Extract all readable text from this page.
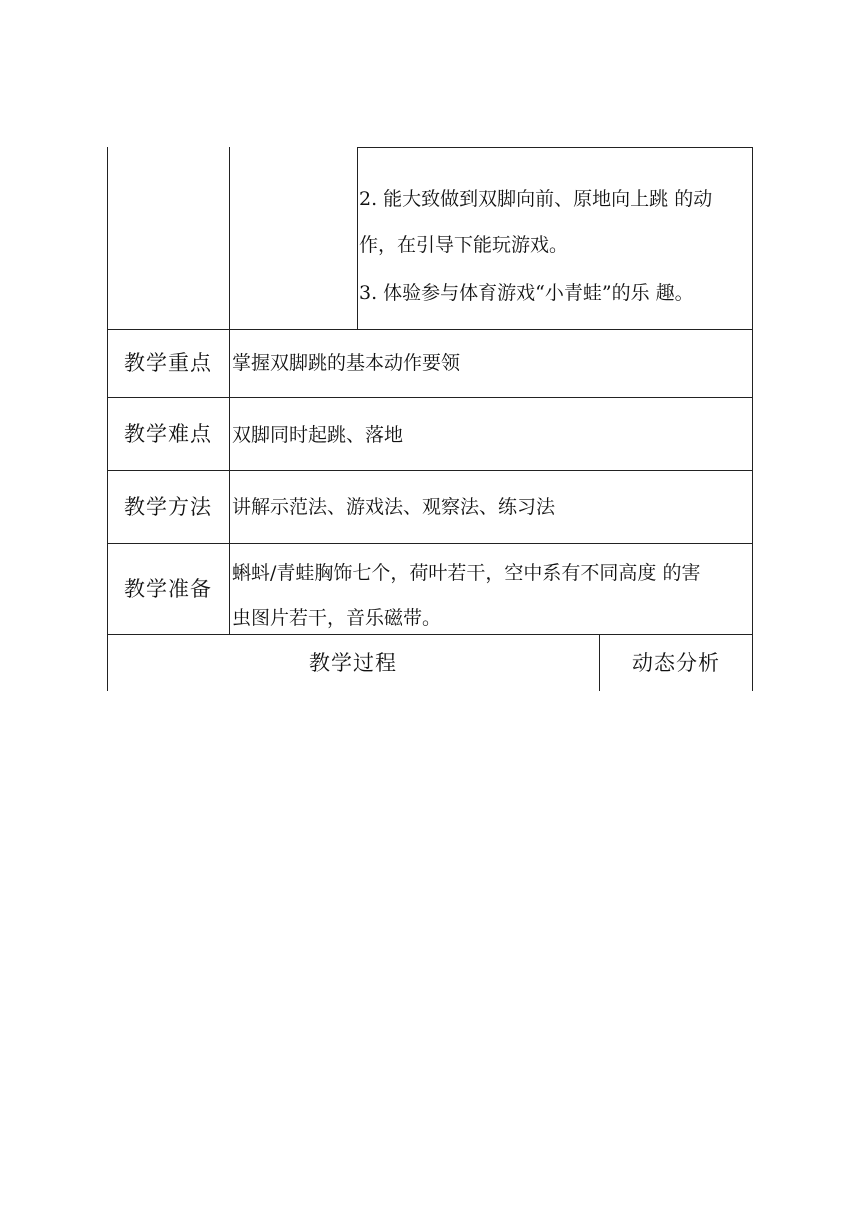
2. 能大致做到双脚向前、原地向上跳 的动
作，在引导下能玩游戏。
3. 体验参与体育游戏“小青蛙”的乐 趣。
教学重点 掌握双脚跳的基本动作要领
教学难点 双脚同时起跳、落地
教学方法 讲解示范法、游戏法、观察法、练习法
教学准备
蝌蚪/青蛙胸饰七个，荷叶若干，空中系有不同高度 的害
虫图片若干，音乐磁带。
教学过程	动态分析
